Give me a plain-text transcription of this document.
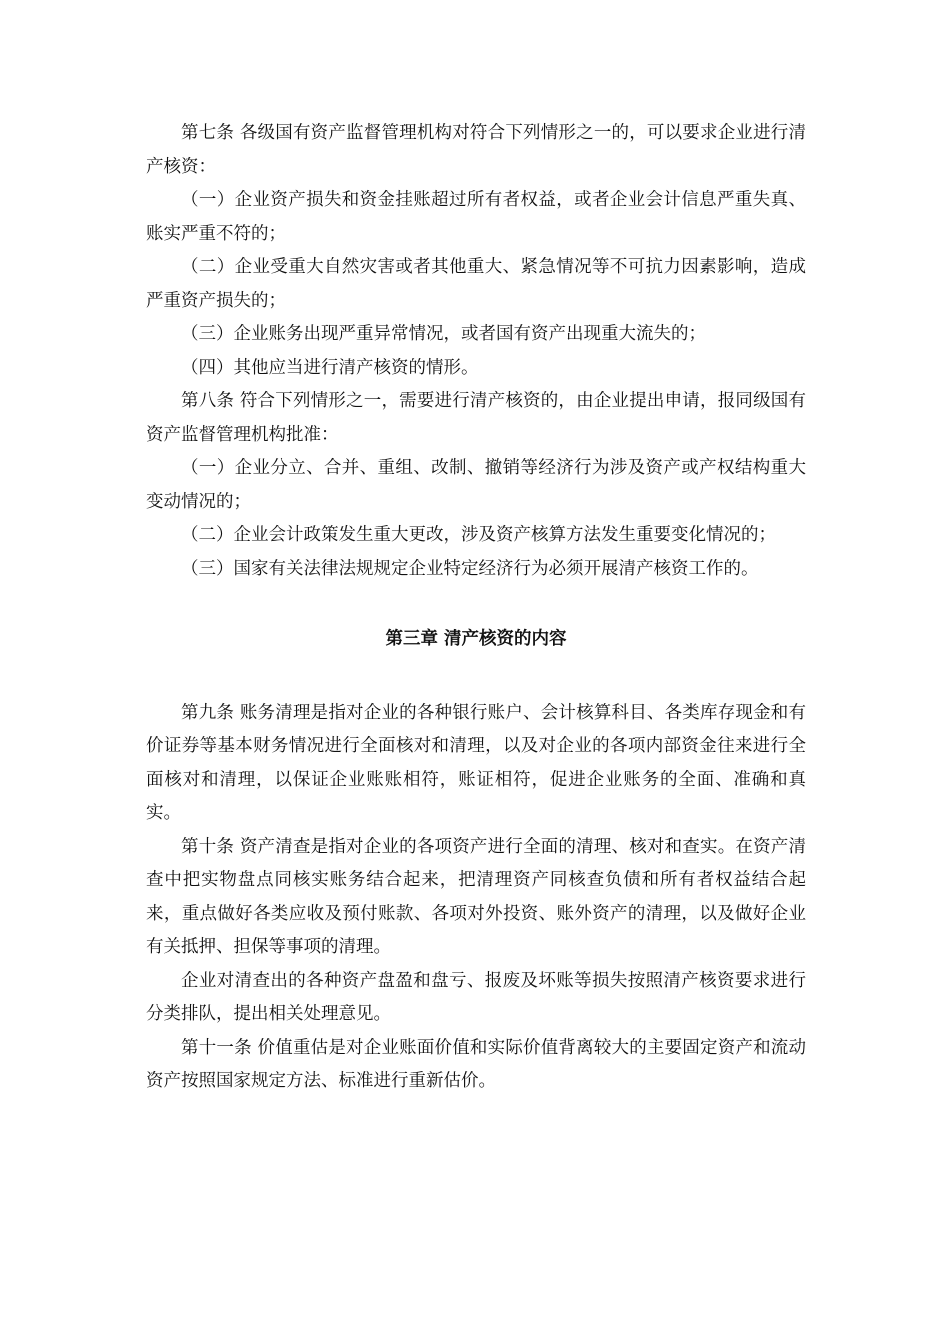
第七条 各级国有资产监督管理机构对符合下列情形之一的，可以要求企业进行清产核资：

（一）企业资产损失和资金挂账超过所有者权益，或者企业会计信息严重失真、账实严重不符的；

（二）企业受重大自然灾害或者其他重大、紧急情况等不可抗力因素影响，造成严重资产损失的；

（三）企业账务出现严重异常情况，或者国有资产出现重大流失的；

（四）其他应当进行清产核资的情形。

第八条 符合下列情形之一，需要进行清产核资的，由企业提出申请，报同级国有资产监督管理机构批准：

（一）企业分立、合并、重组、改制、撤销等经济行为涉及资产或产权结构重大变动情况的；

（二）企业会计政策发生重大更改，涉及资产核算方法发生重要变化情况的；

（三）国家有关法律法规规定企业特定经济行为必须开展清产核资工作的。

第三章 清产核资的内容

第九条 账务清理是指对企业的各种银行账户、会计核算科目、各类库存现金和有价证券等基本财务情况进行全面核对和清理，以及对企业的各项内部资金往来进行全面核对和清理，以保证企业账账相符，账证相符，促进企业账务的全面、准确和真实。

第十条 资产清查是指对企业的各项资产进行全面的清理、核对和查实。在资产清查中把实物盘点同核实账务结合起来，把清理资产同核查负债和所有者权益结合起来，重点做好各类应收及预付账款、各项对外投资、账外资产的清理，以及做好企业有关抵押、担保等事项的清理。

企业对清查出的各种资产盘盈和盘亏、报废及坏账等损失按照清产核资要求进行分类排队，提出相关处理意见。

第十一条 价值重估是对企业账面价值和实际价值背离较大的主要固定资产和流动资产按照国家规定方法、标准进行重新估价。
